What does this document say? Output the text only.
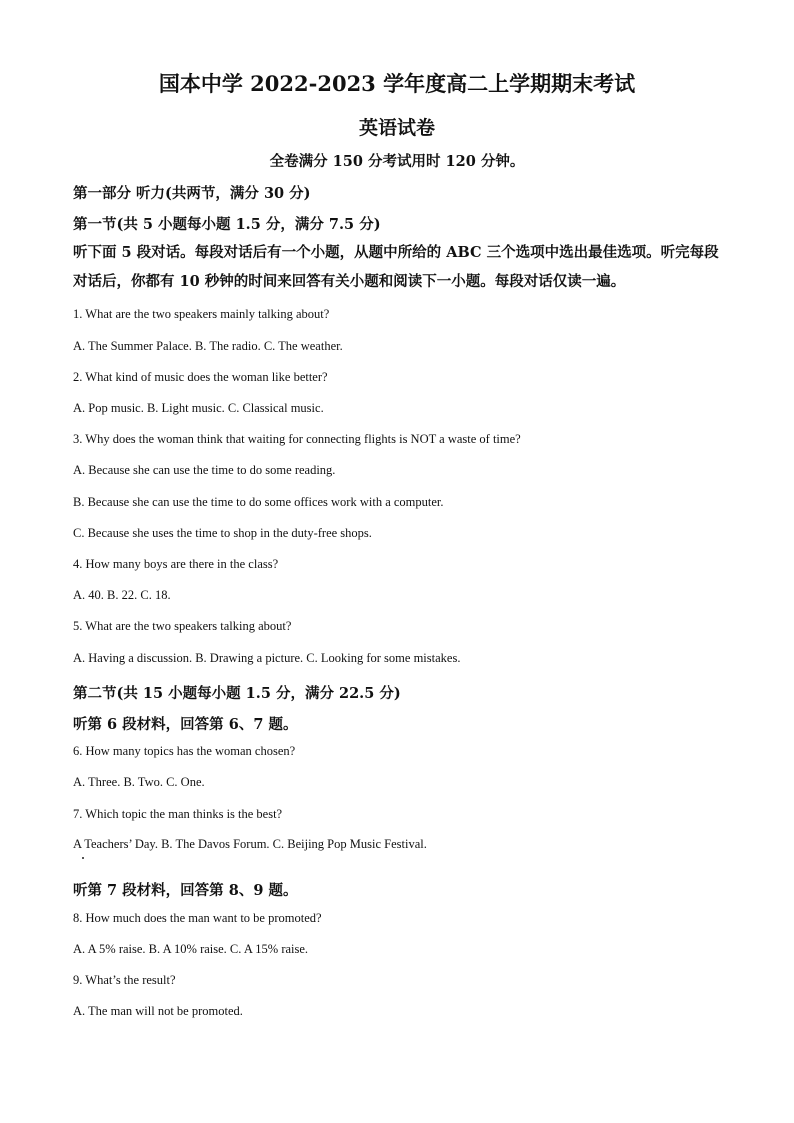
国本中学 2022-2023 学年度高二上学期期末考试
英语试卷
全卷满分 150 分考试用时 120 分钟。
第一部分 听力(共两节，满分 30 分)
第一节(共 5 小题每小题 1.5 分，满分 7.5 分)
听下面 5 段对话。每段对话后有一个小题，从题中所给的 ABC 三个选项中选出最佳选项。听完每段对话后，你都有 10 秒钟的时间来回答有关小题和阅读下一小题。每段对话仅读一遍。
1. What are the two speakers mainly talking about?
A. The Summer Palace. B. The radio. C. The weather.
2. What kind of music does the woman like better?
A. Pop music. B. Light music. C. Classical music.
3. Why does the woman think that waiting for connecting flights is NOT a waste of time?
A. Because she can use the time to do some reading.
B. Because she can use the time to do some offices work with a computer.
C. Because she uses the time to shop in the duty-free shops.
4. How many boys are there in the class?
A. 40. B. 22. C. 18.
5. What are the two speakers talking about?
A. Having a discussion. B. Drawing a picture. C. Looking for some mistakes.
第二节(共 15 小题每小题 1.5 分，满分 22.5 分)
听第 6 段材料，回答第 6、7 题。
6. How many topics has the woman chosen?
A. Three. B. Two. C. One.
7. Which topic the man thinks is the best?
A Teachers’ Day. B. The Davos Forum. C. Beijing Pop Music Festival.
听第 7 段材料，回答第 8、9 题。
8. How much does the man want to be promoted?
A. A 5% raise. B. A 10% raise. C. A 15% raise.
9. What’s the result?
A. The man will not be promoted.
